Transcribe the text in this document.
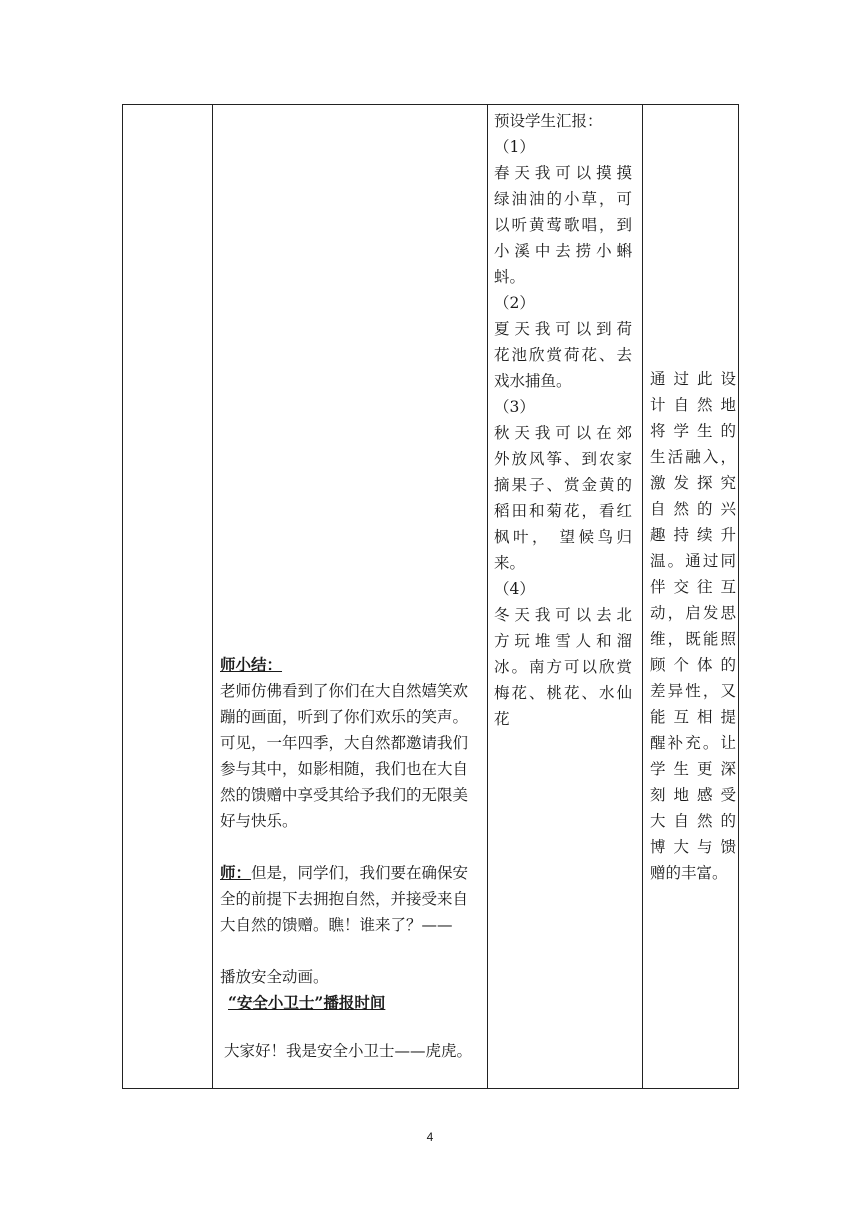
师小结：
老师仿佛看到了你们在大自然嬉笑欢蹦的画面，听到了你们欢乐的笑声。可见，一年四季，大自然都邀请我们参与其中，如影相随，我们也在大自然的馈赠中享受其给予我们的无限美好与快乐。
师：但是，同学们，我们要在确保安全的前提下去拥抱自然，并接受来自大自然的馈赠。瞧！谁来了？——
播放安全动画。
“安全小卫士”播报时间
大家好！我是安全小卫士——虎虎。
预设学生汇报：
（1）
春天我可以摸摸
绿油油的小草，可
以听黄莺歌唱，到
小溪中去捞小蝌
蚪。
（2）
夏天我可以到荷
花池欣赏荷花、去
戏水捕鱼。
（3）
秋天我可以在郊
外放风筝、到农家
摘果子、赏金黄的
稻田和菊花，看红
枫叶， 望候鸟归
来。
（4）
冬天我可以去北
方玩堆雪人和溜
冰。南方可以欣赏
梅花、桃花、水仙
花
通过此设
计自然地
将学生的
生活融入，
激发探究
自然的兴
趣持续升
温。通过同
伴交往互
动，启发思
维，既能照
顾个体的
差异性，又
能互相提
醒补充。让
学生更深
刻地感受
大自然的
博大与馈
赠的丰富。
4
